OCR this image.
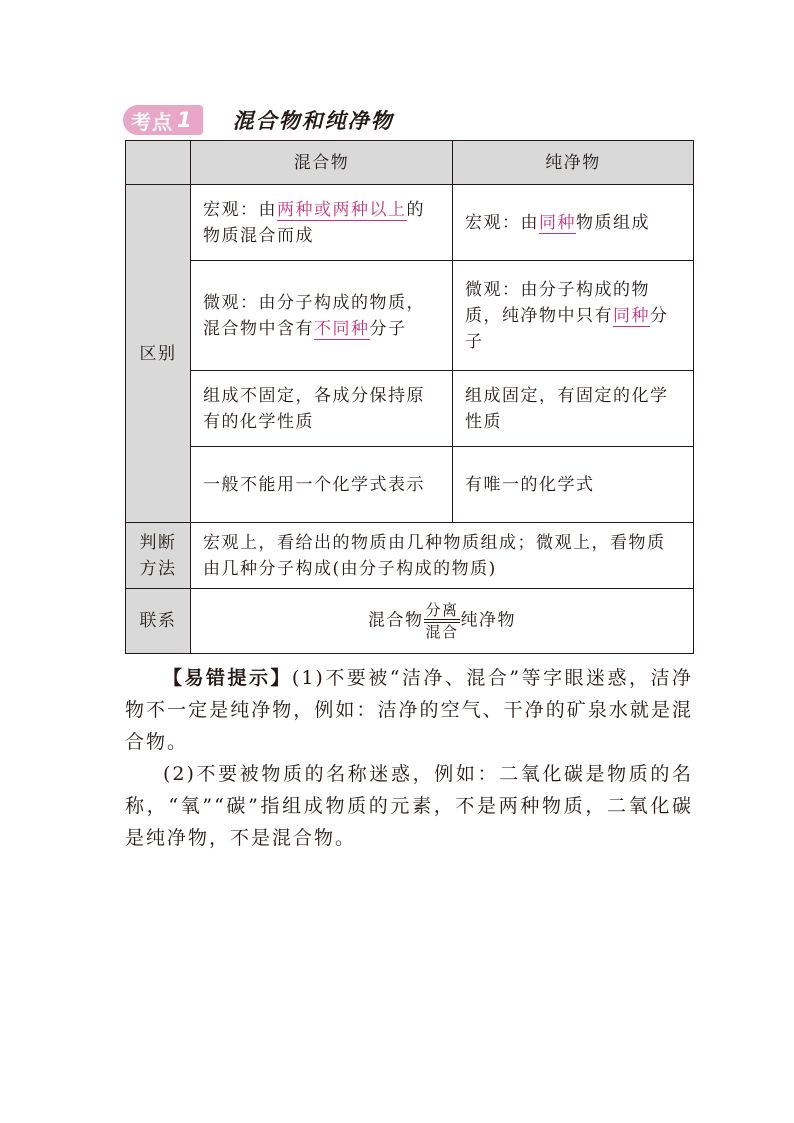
考点 1 混合物和纯净物
	混合物	纯净物
区别	宏观：由两种或两种以上的物质混合而成	宏观：由同种物质组成
	微观：由分子构成的物质，混合物中含有不同种分子	微观：由分子构成的物质，纯净物中只有同种分子
	组成不固定，各成分保持原有的化学性质	组成固定，有固定的化学性质
	一般不能用一个化学式表示	有唯一的化学式
判断方法	宏观上，看给出的物质由几种物质组成；微观上，看物质由几种分子构成(由分子构成的物质)	
联系	混合物 $\frac{\text{分离}}{\text{混合}}$ 纯净物	

【易错提示】(1)不要被“洁净、混合”等字眼迷惑，洁净物不一定是纯净物，例如：洁净的空气、干净的矿泉水就是混合物。

(2)不要被物质的名称迷惑，例如：二氧化碳是物质的名称，“氧”“碳”指组成物质的元素，不是两种物质，二氧化碳是纯净物，不是混合物。
